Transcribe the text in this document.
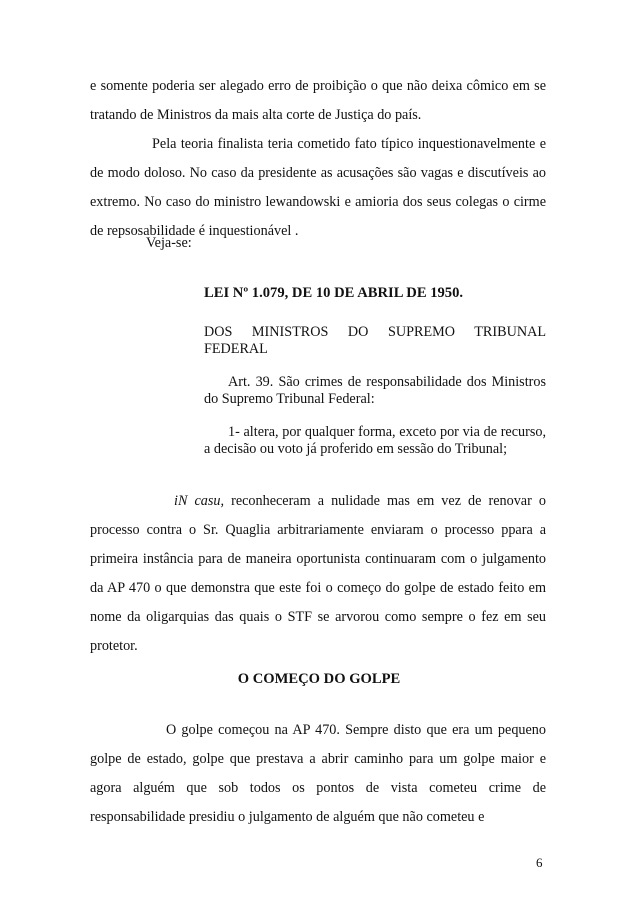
e somente poderia ser alegado erro de proibição o que não deixa cômico em se tratando de Ministros da mais alta corte de Justiça do país.
Pela teoria finalista teria cometido fato típico inquestionavelmente e de modo doloso. No caso da presidente as acusações são vagas e discutíveis ao extremo. No caso do ministro lewandowski e amioria dos seus colegas o cirme de repsosabilidade é inquestionável .
Veja-se:
LEI Nº 1.079, DE 10 DE ABRIL DE 1950.
DOS MINISTROS DO SUPREMO TRIBUNAL FEDERAL
Art. 39. São crimes de responsabilidade dos Ministros do Supremo Tribunal Federal:
1- altera, por qualquer forma, exceto por via de recurso, a decisão ou voto já proferido em sessão do Tribunal;
iN casu, reconheceram a nulidade mas em vez de renovar o processo contra o Sr. Quaglia arbitrariamente enviaram o processo ppara a primeira instância para de maneira oportunista continuaram com o julgamento da AP 470 o que demonstra que este foi o começo do golpe de estado feito em nome da oligarquias das quais o STF se arvorou como sempre o fez em seu protetor.
O COMEÇO DO GOLPE
O golpe começou na AP 470. Sempre disto que era um pequeno golpe de estado, golpe que prestava a abrir caminho para um golpe maior e agora alguém que sob todos os pontos de vista cometeu crime de responsabilidade presidiu o julgamento de alguém que não cometeu e
6
